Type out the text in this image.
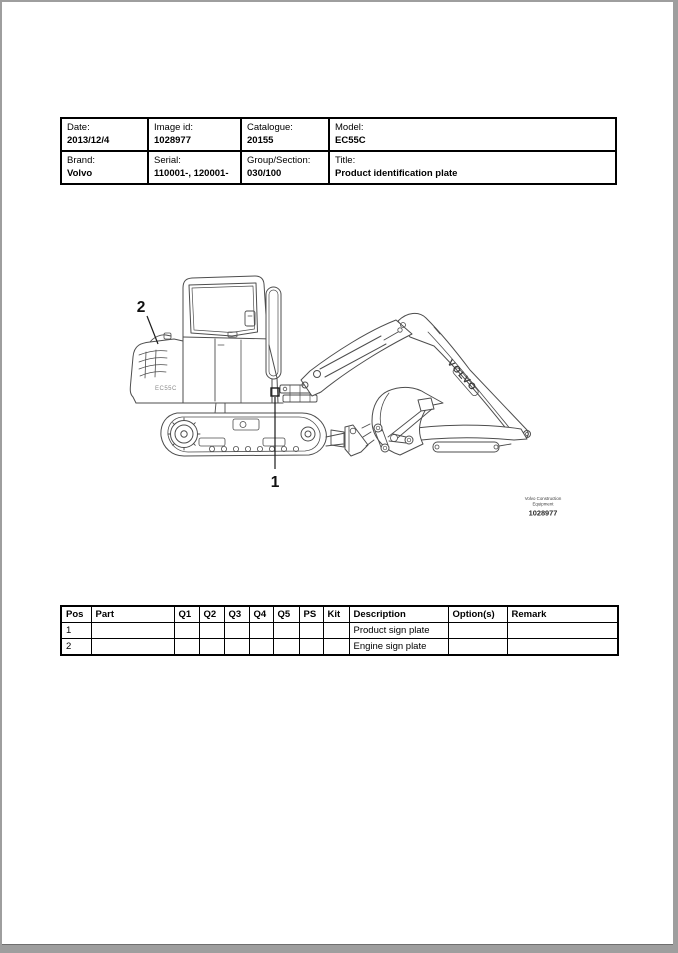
EC55C	VOLVO
2
1
Volvo Construction
Equipment
1028977
Date:
2013/12/4

Image id:
1028977

Catalogue:
20155

Model:
EC55C

Brand:
Volvo

Serial:
110001-, 120001-

Group/Section:
030/100

Title:
Product identification plate
Pos	Part	Q1	Q2	Q3	Q4	Q5	PS	Kit	Description	Option(s)	Remark
1									Product sign plate		
2									Engine sign plate		
